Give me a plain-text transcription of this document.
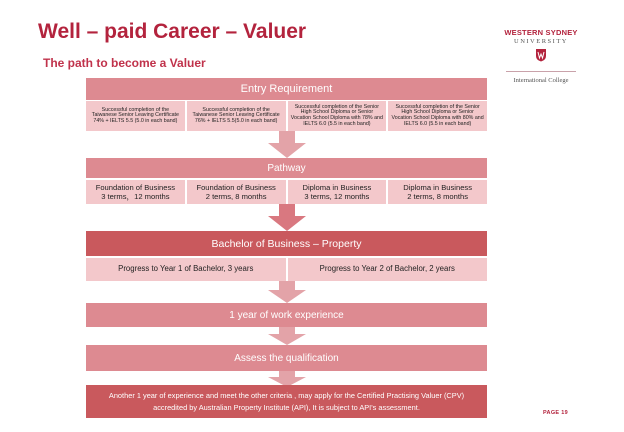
Well – paid Career – Valuer
The path to become a Valuer
WESTERN SYDNEY
UNIVERSITY
International College
Entry Requirement
Successful completion of the Taiwanese Senior Leaving Certificate 74% + IELTS 5.5 (5.0 in each band)
Successful completion of the Taiwanese Senior Leaving Certificate 76% + IELTS 5.5(5.0 in each band)
Successful completion of the Senior High School Diploma or Senior Vocation School Diploma with 78% and IELTS 6.0 (5.5 in each band)
Successful completion of the Senior High School Diploma or Senior Vocation School Diploma with 80% and IELTS 6.0 (5.5 in each band)
Pathway
Foundation of Business
3 terms，12 months
Foundation of Business
2 terms, 8 months
Diploma in Business
3 terms, 12 months
Diploma in Business
2 terms, 8 months
Bachelor of Business – Property
Progress to Year 1 of Bachelor, 3 years	Progress to Year 2 of Bachelor, 2 years
1 year of work experience
Assess the qualification
Another 1 year of experience and meet the other criteria , may apply for the Certified Practising Valuer (CPV) accredited by Australian Property Institute (API), It is subject to API's assessment.
PAGE 19
